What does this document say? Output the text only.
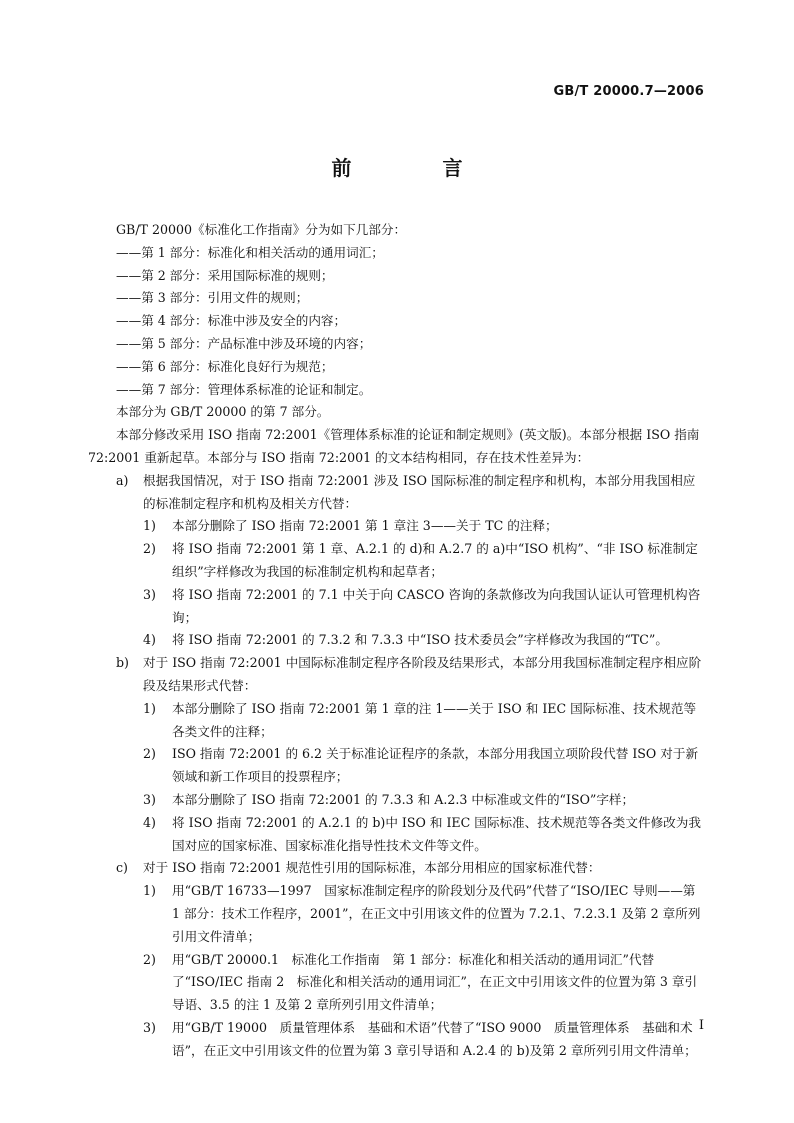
GB/T 20000.7—2006
前 言

GB/T 20000《标准化工作指南》分为如下几部分：

——第 1 部分：标准化和相关活动的通用词汇；

——第 2 部分：采用国际标准的规则；

——第 3 部分：引用文件的规则；

——第 4 部分：标准中涉及安全的内容；

——第 5 部分：产品标准中涉及环境的内容；

——第 6 部分：标准化良好行为规范；

——第 7 部分：管理体系标准的论证和制定。

本部分为 GB/T 20000 的第 7 部分。

本部分修改采用 ISO 指南 72:2001《管理体系标准的论证和制定规则》(英文版)。本部分根据 ISO 指南 72:2001 重新起草。本部分与 ISO 指南 72:2001 的文本结构相同，存在技术性差异为：

a) 根据我国情况，对于 ISO 指南 72:2001 涉及 ISO 国际标准的制定程序和机构，本部分用我国相应的标准制定程序和机构及相关方代替：

1) 本部分删除了 ISO 指南 72:2001 第 1 章注 3——关于 TC 的注释；

2) 将 ISO 指南 72:2001 第 1 章、A.2.1 的 d)和 A.2.7 的 a)中“ISO 机构”、“非 ISO 标准制定组织”字样修改为我国的标准制定机构和起草者；

3) 将 ISO 指南 72:2001 的 7.1 中关于向 CASCO 咨询的条款修改为向我国认证认可管理机构咨询；

4) 将 ISO 指南 72:2001 的 7.3.2 和 7.3.3 中“ISO 技术委员会”字样修改为我国的“TC”。

b) 对于 ISO 指南 72:2001 中国际标准制定程序各阶段及结果形式，本部分用我国标准制定程序相应阶段及结果形式代替：

1) 本部分删除了 ISO 指南 72:2001 第 1 章的注 1——关于 ISO 和 IEC 国际标准、技术规范等各类文件的注释；

2) ISO 指南 72:2001 的 6.2 关于标准论证程序的条款，本部分用我国立项阶段代替 ISO 对于新领域和新工作项目的投票程序；

3) 本部分删除了 ISO 指南 72:2001 的 7.3.3 和 A.2.3 中标准或文件的“ISO”字样；

4) 将 ISO 指南 72:2001 的 A.2.1 的 b)中 ISO 和 IEC 国际标准、技术规范等各类文件修改为我国对应的国家标准、国家标准化指导性技术文件等文件。

c) 对于 ISO 指南 72:2001 规范性引用的国际标准，本部分用相应的国家标准代替：

1) 用“GB/T 16733—1997　国家标准制定程序的阶段划分及代码”代替了“ISO/IEC 导则——第 1 部分：技术工作程序，2001”，在正文中引用该文件的位置为 7.2.1、7.2.3.1 及第 2 章所列引用文件清单；

2) 用“GB/T 20000.1　标准化工作指南　第 1 部分：标准化和相关活动的通用词汇”代替了“ISO/IEC 指南 2　标准化和相关活动的通用词汇”，在正文中引用该文件的位置为第 3 章引导语、3.5 的注 1 及第 2 章所列引用文件清单；

3) 用“GB/T 19000　质量管理体系　基础和术语”代替了“ISO 9000　质量管理体系　基础和术语”，在正文中引用该文件的位置为第 3 章引导语和 A.2.4 的 b)及第 2 章所列引用文件清单；

I
